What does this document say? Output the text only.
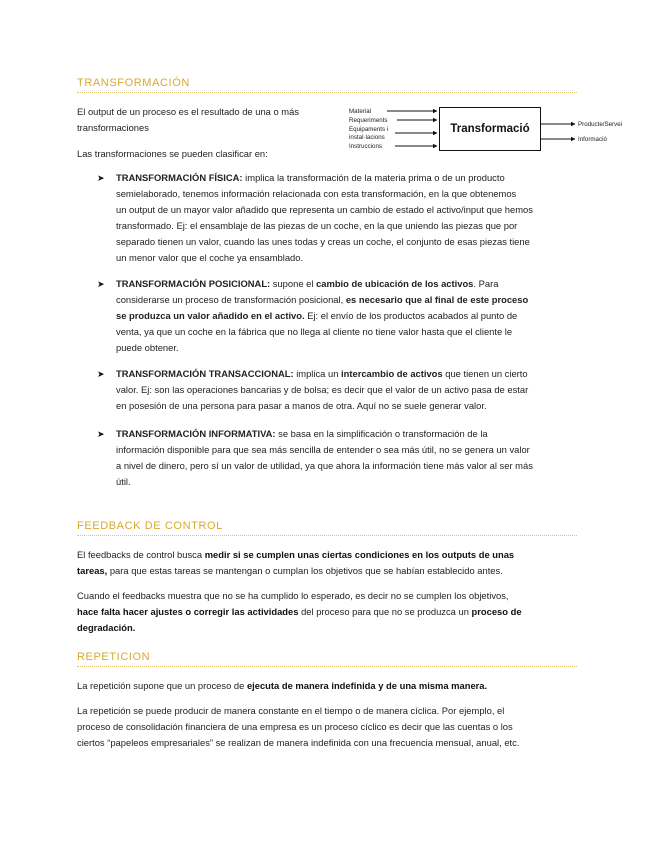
TRANSFORMACIÓN
El output de un proceso es el resultado de una o más
transformaciones
Material
Requeriments
Equipaments i
instal·lacions
Instruccions
Transformació	Producte/Servei
Informació
Las transformaciones se pueden clasificar en:
➤ TRANSFORMACIÓN FÍSICA: implica la transformación de la materia prima o de un producto
semielaborado, tenemos información relacionada con esta transformación, en la que obtenemos
un output de un mayor valor añadido que representa un cambio de estado el activo/input que hemos
transformado. Ej: el ensamblaje de las piezas de un coche, en la que uniendo las piezas que por
separado tienen un valor, cuando las unes todas y creas un coche, el conjunto de esas piezas tiene
un menor valor que el coche ya ensamblado.
➤ TRANSFORMACIÓN POSICIONAL: supone el cambio de ubicación de los activos. Para
considerarse un proceso de transformación posicional, es necesario que al final de este proceso
se produzca un valor añadido en el activo. Ej: el envío de los productos acabados al punto de
venta, ya que un coche en la fábrica que no llega al cliente no tiene valor hasta que el cliente le
puede obtener.
➤ TRANSFORMACIÓN TRANSACCIONAL: implica un intercambio de activos que tienen un cierto
valor. Ej: son las operaciones bancarias y de bolsa; es decir que el valor de un activo pasa de estar
en posesión de una persona para pasar a manos de otra. Aquí no se suele generar valor.
➤ TRANSFORMACIÓN INFORMATIVA: se basa en la simplificación o transformación de la
información disponible para que sea más sencilla de entender o sea más útil, no se genera un valor
a nivel de dinero, pero sí un valor de utilidad, ya que ahora la información tiene más valor al ser más
útil.
FEEDBACK DE CONTROL
El feedbacks de control busca medir si se cumplen unas ciertas condiciones en los outputs de unas
tareas, para que estas tareas se mantengan o cumplan los objetivos que se habían establecido antes.
Cuando el feedbacks muestra que no se ha cumplido lo esperado, es decir no se cumplen los objetivos,
hace falta hacer ajustes o corregir las actividades del proceso para que no se produzca un proceso de
degradación.
REPETICION
La repetición supone que un proceso de ejecuta de manera indefinida y de una misma manera.
La repetición se puede producir de manera constante en el tiempo o de manera cíclica. Por ejemplo, el
proceso de consolidación financiera de una empresa es un proceso cíclico es decir que las cuentas o los
ciertos “papeleos empresariales” se realizan de manera indefinida con una frecuencia mensual, anual, etc.
